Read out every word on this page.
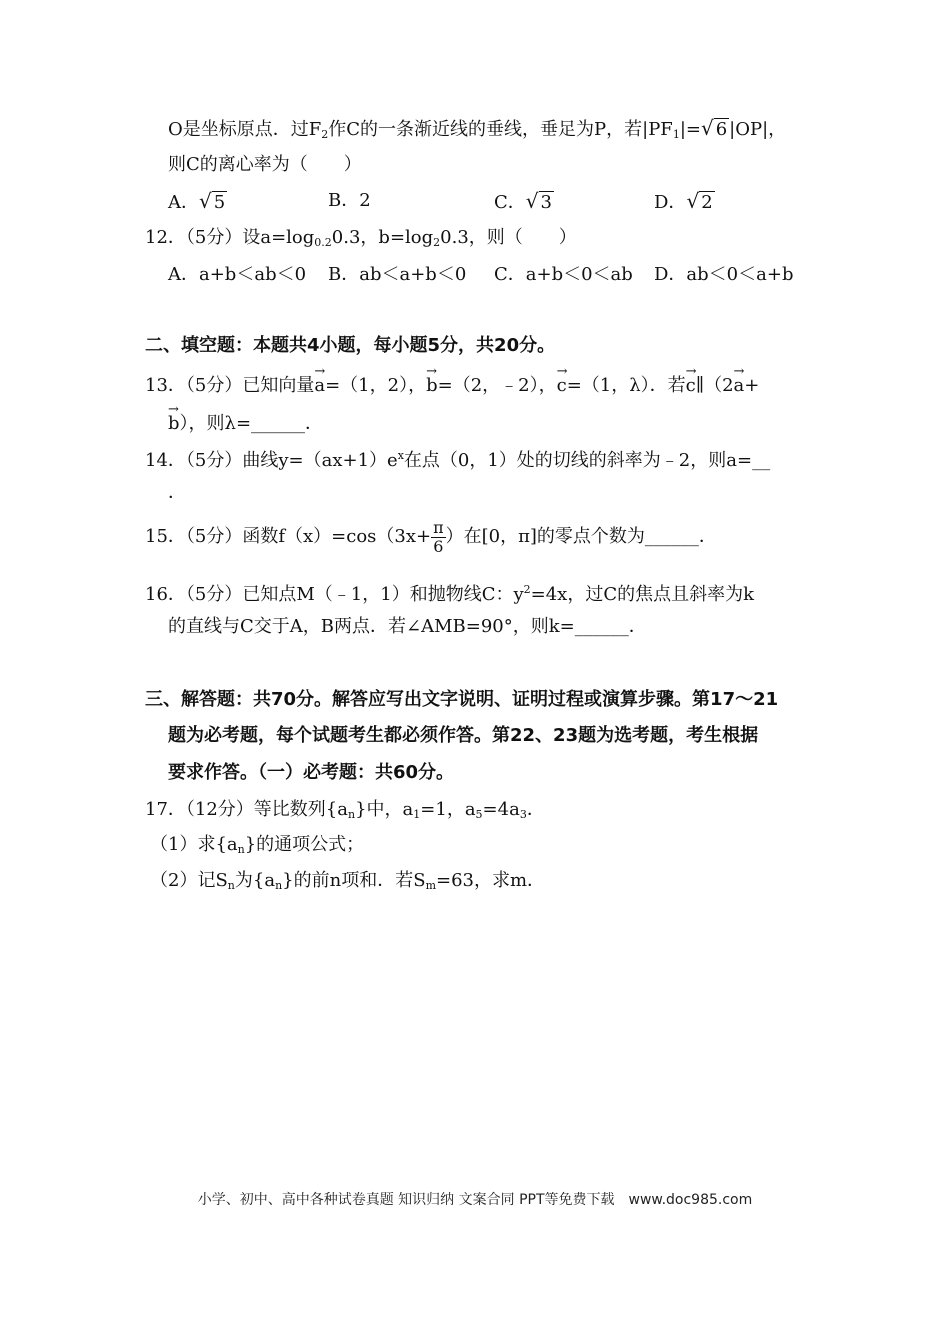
O是坐标原点．过$F_2$作C的一条渐近线的垂线，垂足为P，若$|PF_1|=√$ 6 |OP|，
则C的离心率为（　　）
A．√ 5	B．2	C．√ 3	D．√ 2
12．（5分）设$a=\log_{0.2}0.3$，$b=\log_20.3$，则（　　）
A．a+b＜ab＜0 B．ab＜a+b＜0 C．a+b＜0＜ab D．ab＜0＜a+b
二、填空题：本题共4小题，每小题5分，共20分。
13．（5分）已知向量→ a=（1，2），→ b=（2，﹣2），→ c=（1，λ）．若→ c∥（2→ a+
→ b），则λ=______．
14．（5分）曲线$y=(ax+1)e^x$在点（0，1）处的切线的斜率为﹣2，则a=__
．
15．（5分）函数$f(x)=\cos(3x+ \frac{\pi}{6}$ ）在[0，π]的零点个数为______．
16．（5分）已知点M（﹣1，1）和抛物线C：$y^2=4x$，过C的焦点且斜率为k
的直线与C交于A，B两点．若∠AMB=90°，则k=______．
三、解答题：共70分。解答应写出文字说明、证明过程或演算步骤。第17～21
题为必考题，每个试题考生都必须作答。第22、23题为选考题，考生根据
要求作答。（一）必考题：共60分。
17．（12分）等比数列$\{a_n\}$中，$a_1=1$，$a_5=4a_3$．
（1）求$\{a_n\}$的通项公式；
（2）记$S_n$为$\{a_n\}$的前n项和．若$S_m=63$，求m．
小学、初中、高中各种试卷真题 知识归纳 文案合同 PPT等免费下载　www.doc985.com
